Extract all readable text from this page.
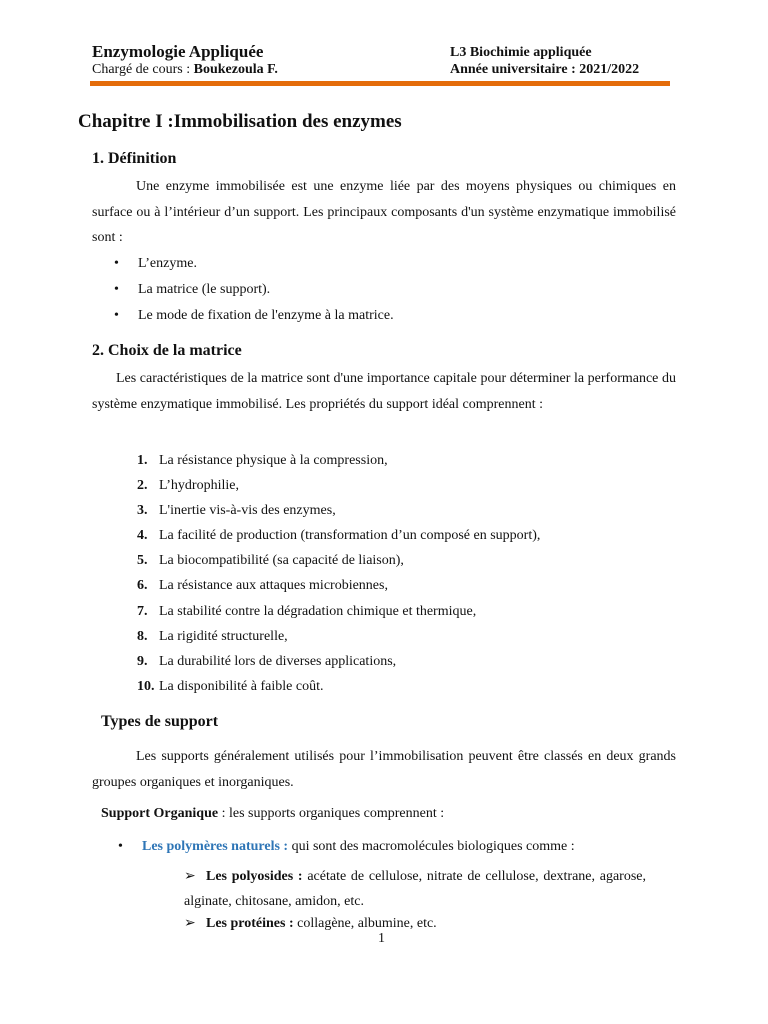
Enzymologie Appliquée
Chargé de cours : Boukezoula F.
L3 Biochimie appliquée
Année universitaire : 2021/2022
Chapitre I :Immobilisation des enzymes
1. Définition
Une enzyme immobilisée est une enzyme liée par des moyens physiques ou chimiques en surface ou à l’intérieur d’un support. Les principaux composants d'un système enzymatique immobilisé sont :
• L’enzyme.
• La matrice (le support).
• Le mode de fixation de l'enzyme à la matrice.
2. Choix de la matrice
Les caractéristiques de la matrice sont d'une importance capitale pour déterminer la performance du système enzymatique immobilisé. Les propriétés du support idéal comprennent :
1. La résistance physique à la compression,
2. L’hydrophilie,
3. L'inertie vis-à-vis des enzymes,
4. La facilité de production (transformation d’un composé en support),
5. La biocompatibilité (sa capacité de liaison),
6. La résistance aux attaques microbiennes,
7. La stabilité contre la dégradation chimique et thermique,
8. La rigidité structurelle,
9. La durabilité lors de diverses applications,
10. La disponibilité à faible coût.
Types de support
Les supports généralement utilisés pour l’immobilisation peuvent être classés en deux grands groupes organiques et inorganiques.
Support Organique : les supports organiques comprennent :
• Les polymères naturels : qui sont des macromolécules biologiques comme :
➢ Les polyosides : acétate de cellulose, nitrate de cellulose, dextrane, agarose, alginate, chitosane, amidon, etc.
➢ Les protéines : collagène, albumine, etc.
1
